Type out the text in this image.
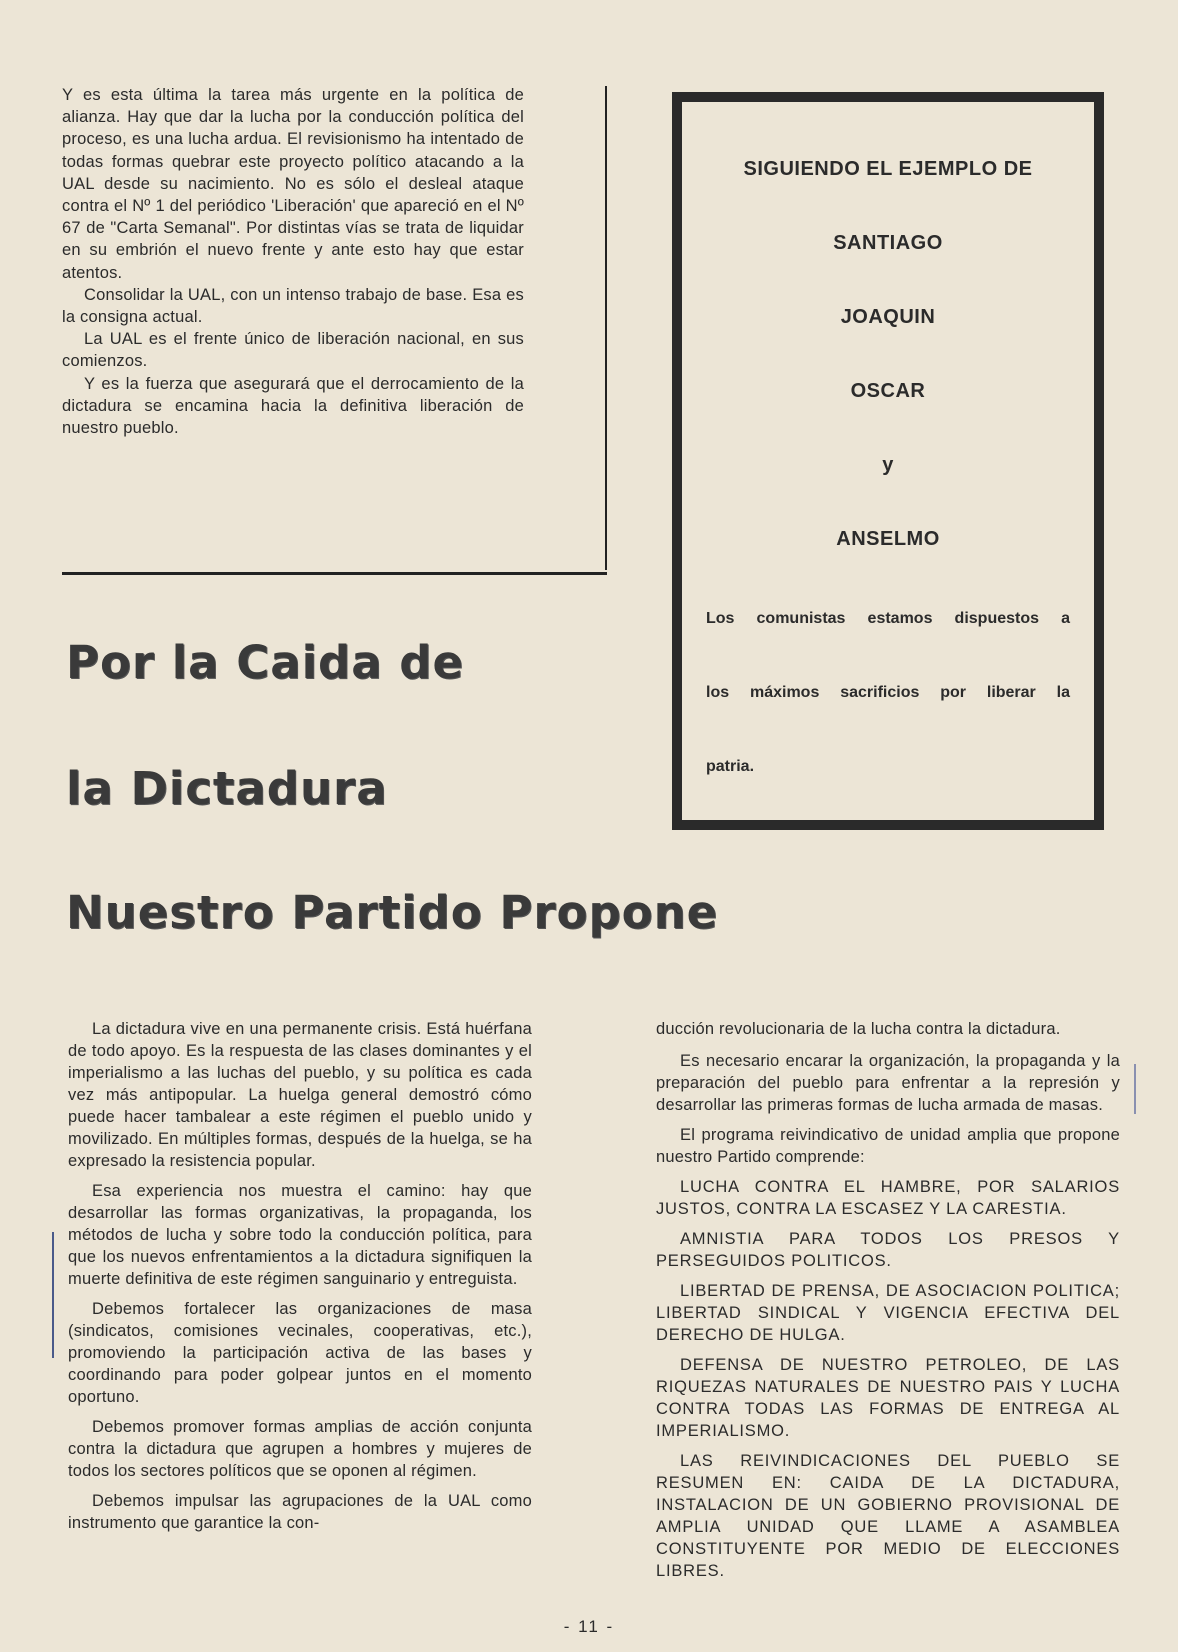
Y es esta última la tarea más urgente en la política de alianza. Hay que dar la lucha por la conducción política del proceso, es una lucha ardua. El revisionismo ha intentado de todas formas quebrar este proyecto político atacando a la UAL desde su nacimiento. No es sólo el desleal ataque contra el Nº 1 del periódico 'Liberación' que apareció en el Nº 67 de "Carta Semanal". Por distintas vías se trata de liquidar en su embrión el nuevo frente y ante esto hay que estar atentos.

Consolidar la UAL, con un intenso trabajo de base. Esa es la consigna actual.

La UAL es el frente único de liberación nacional, en sus comienzos.

Y es la fuerza que asegurará que el derrocamiento de la dictadura se encamina hacia la definitiva liberación de nuestro pueblo.

SIGUIENDO EL EJEMPLO DE
SANTIAGO
JOAQUIN
OSCAR
y
ANSELMO
Los comunistas estamos dispuestos a
los máximos sacrificios por liberar la
patria.
Por la Caida de
la Dictadura
Nuestro Partido Propone

La dictadura vive en una permanente crisis. Está huérfana de todo apoyo. Es la respuesta de las clases dominantes y el imperialismo a las luchas del pueblo, y su política es cada vez más antipopular. La huelga general demostró cómo puede hacer tambalear a este régimen el pueblo unido y movilizado. En múltiples formas, después de la huelga, se ha expresado la resistencia popular.

Esa experiencia nos muestra el camino: hay que desarrollar las formas organizativas, la propaganda, los métodos de lucha y sobre todo la conducción política, para que los nuevos enfrentamientos a la dictadura signifiquen la muerte definitiva de este régimen sanguinario y entreguista.

Debemos fortalecer las organizaciones de masa (sindicatos, comisiones vecinales, cooperativas, etc.), promoviendo la participación activa de las bases y coordinando para poder golpear juntos en el momento oportuno.

Debemos promover formas amplias de acción conjunta contra la dictadura que agrupen a hombres y mujeres de todos los sectores políticos que se oponen al régimen.

Debemos impulsar las agrupaciones de la UAL como instrumento que garantice la con-

ducción revolucionaria de la lucha contra la dictadura.

Es necesario encarar la organización, la propaganda y la preparación del pueblo para enfrentar a la represión y desarrollar las primeras formas de lucha armada de masas.

El programa reivindicativo de unidad amplia que propone nuestro Partido comprende:

LUCHA CONTRA EL HAMBRE, POR SALARIOS JUSTOS, CONTRA LA ESCASEZ Y LA CARESTIA.

AMNISTIA PARA TODOS LOS PRESOS Y PERSEGUIDOS POLITICOS.

LIBERTAD DE PRENSA, DE ASOCIACION POLITICA; LIBERTAD SINDICAL Y VIGENCIA EFECTIVA DEL DERECHO DE HULGA.

DEFENSA DE NUESTRO PETROLEO, DE LAS RIQUEZAS NATURALES DE NUESTRO PAIS Y LUCHA CONTRA TODAS LAS FORMAS DE ENTREGA AL IMPERIALISMO.

LAS REIVINDICACIONES DEL PUEBLO SE RESUMEN EN: CAIDA DE LA DICTADURA, INSTALACION DE UN GOBIERNO PROVISIONAL DE AMPLIA UNIDAD QUE LLAME A ASAMBLEA CONSTITUYENTE POR MEDIO DE ELECCIONES LIBRES.

- 11 -
